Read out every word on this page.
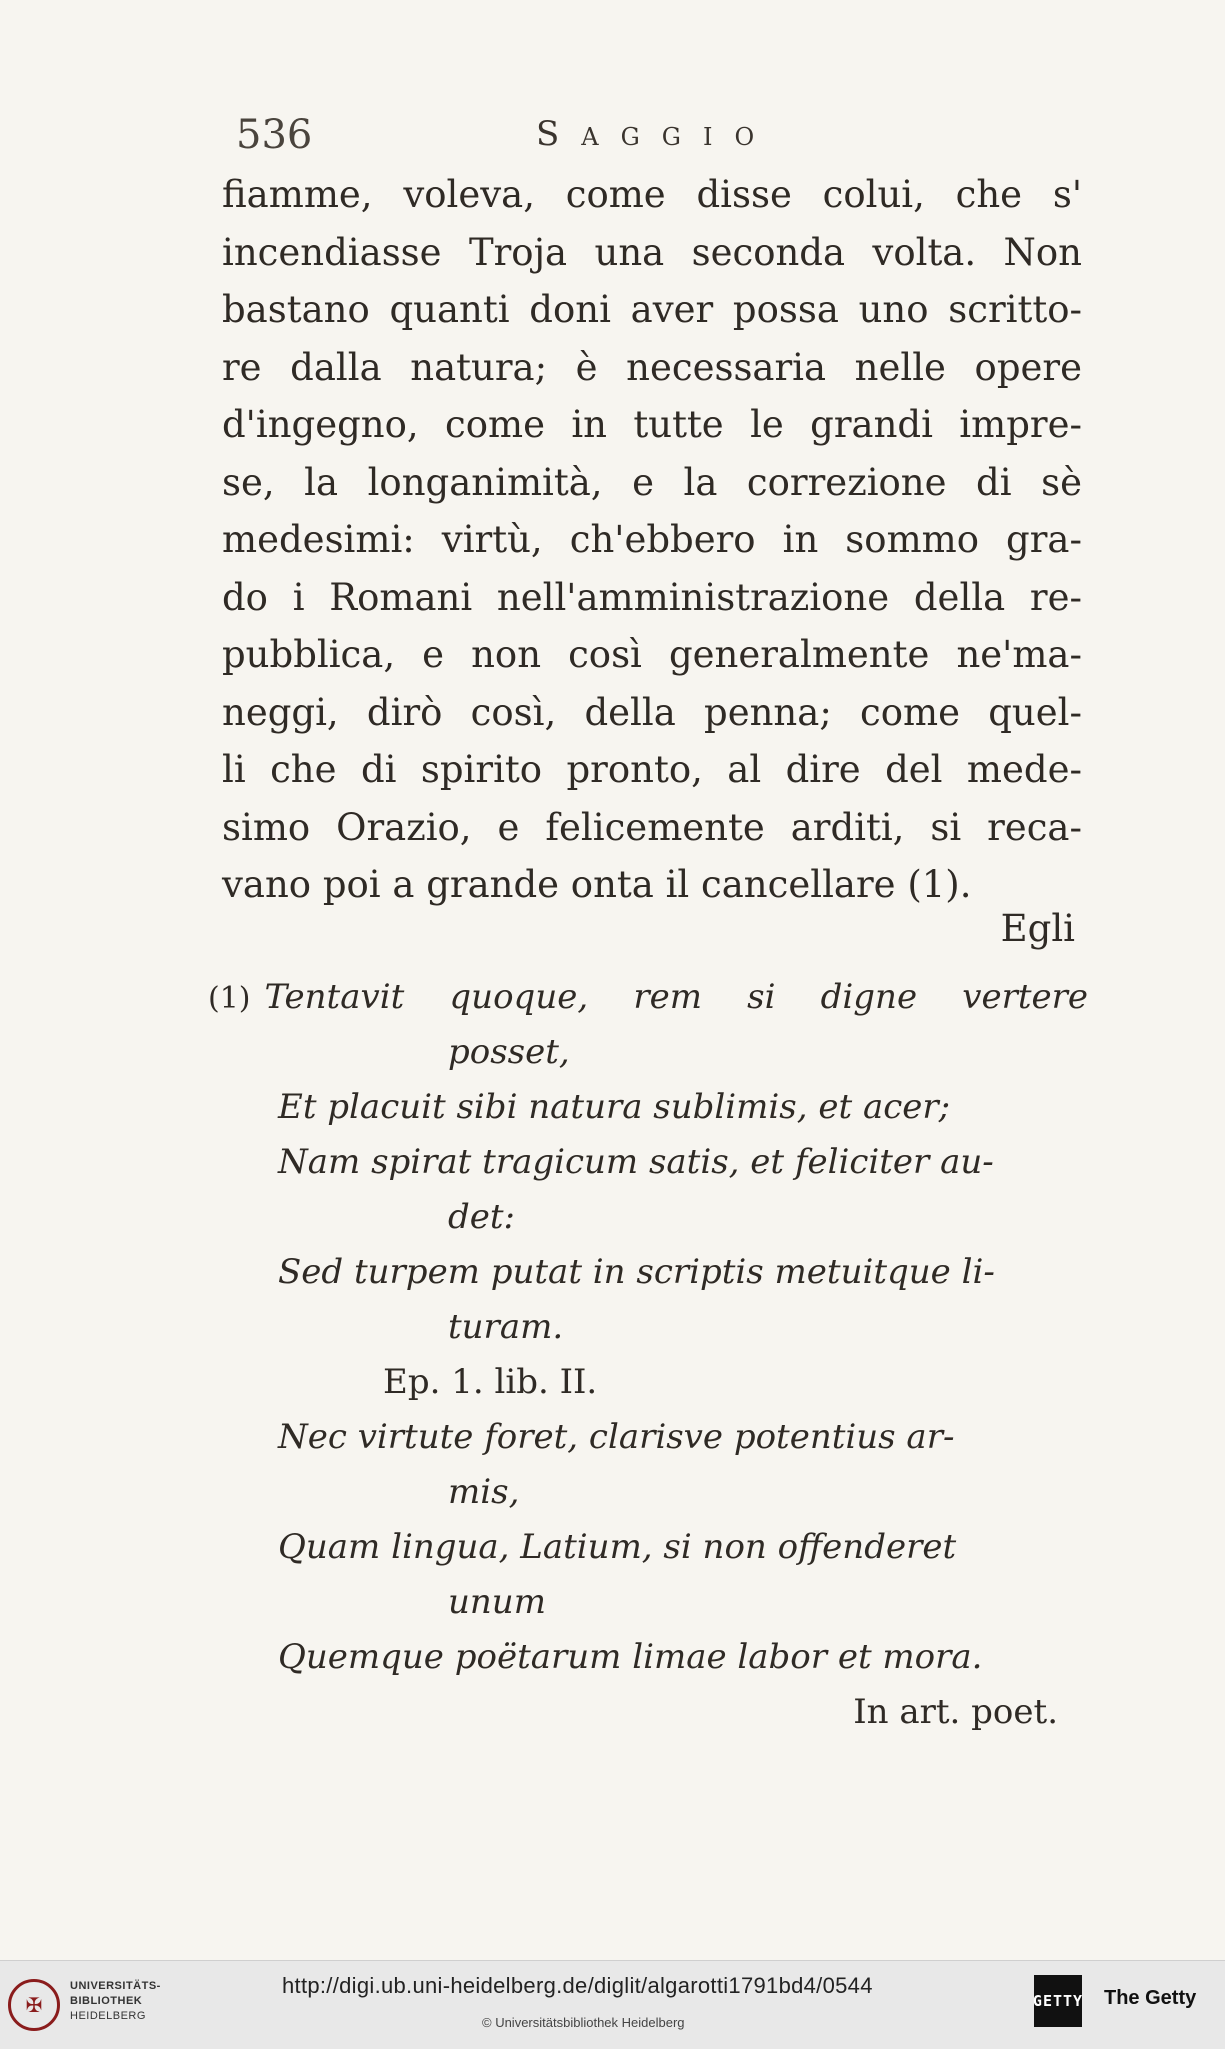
536	Saggio
fiamme, voleva, come disse colui, che s'
incendiasse Troja una seconda volta. Non
bastano quanti doni aver possa uno scritto-
re dalla natura; è necessaria nelle opere
d'ingegno, come in tutte le grandi impre-
se, la longanimità, e la correzione di sè
medesimi: virtù, ch'ebbero in sommo gra-
do i Romani nell'amministrazione della re-
pubblica, e non così generalmente ne'ma-
neggi, dirò così, della penna; come quel-
li che di spirito pronto, al dire del mede-
simo Orazio, e felicemente arditi, si reca-
vano poi a grande onta il cancellare (1).
Egli
(1) Tentavit quoque, rem si digne vertere
posset,
Et placuit sibi natura sublimis, et acer;
Nam spirat tragicum satis, et feliciter au-
det:
Sed turpem putat in scriptis metuitque li-
turam.
Ep. 1. lib. II.
Nec virtute foret, clarisve potentius ar-
mis,
Quam lingua, Latium, si non offenderet
unum
Quemque poëtarum limae labor et mora.
In art. poet.
✠
UNIVERSITÄTS-
BIBLIOTHEK
HEIDELBERG
http://digi.ub.uni-heidelberg.de/diglit/algarotti1791bd4/0544
© Universitätsbibliothek Heidelberg
GETTY The Getty
